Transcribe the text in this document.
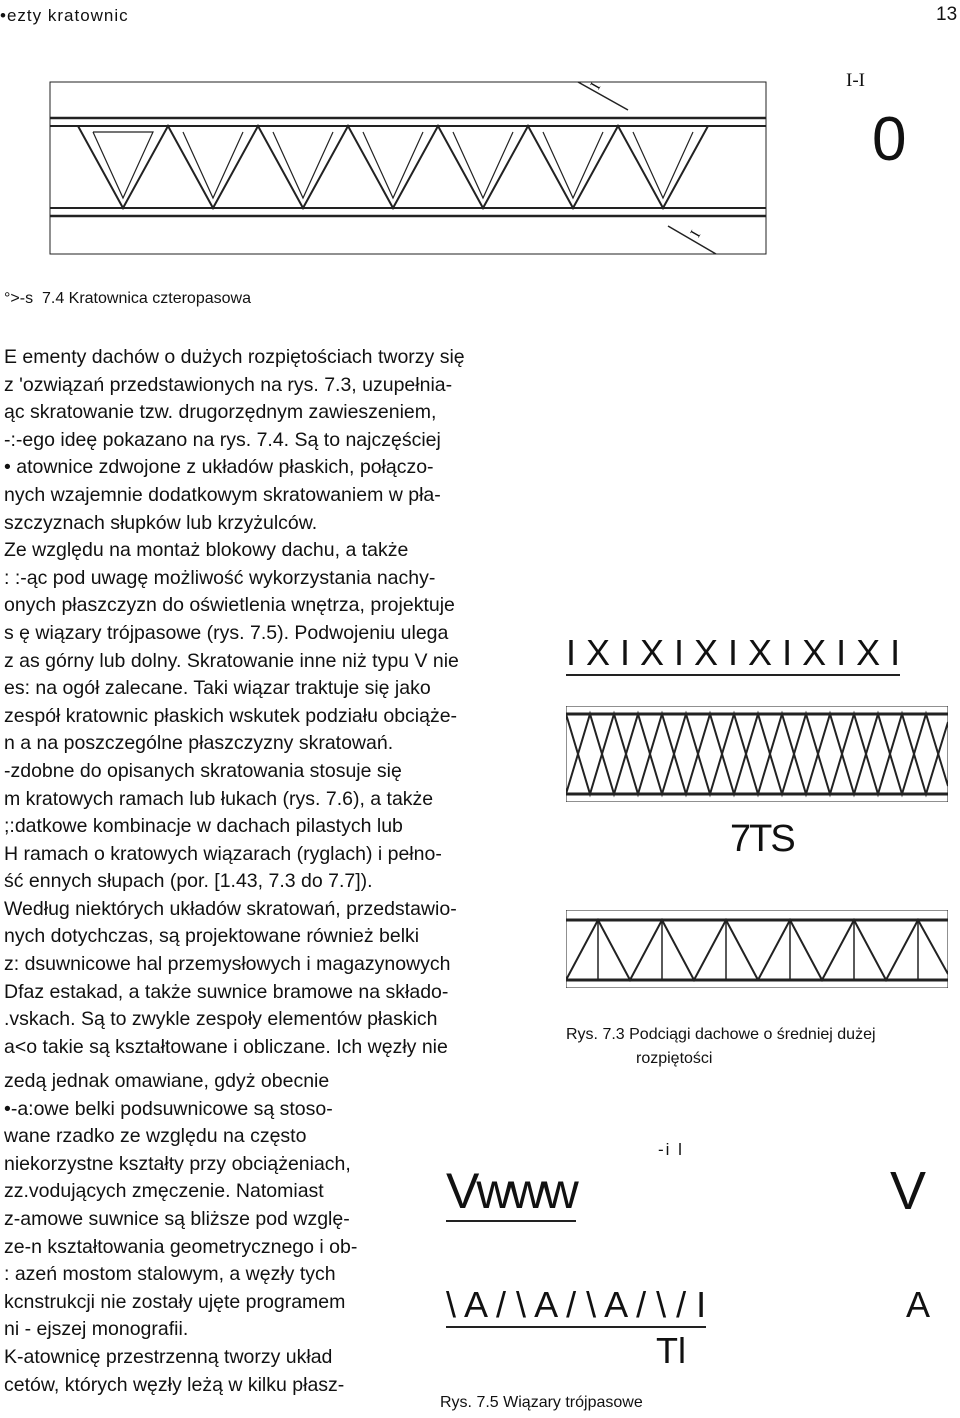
•ezty kratownic	13
I
I
I-I
0
°>-s 7.4 Kratownica czteropasowa
E ementy dachów o dużych rozpiętościach tworzy się
z 'ozwiązań przedstawionych na rys. 7.3, uzupełnia-
ąc skratowanie tzw. drugorzędnym zawieszeniem,
-:-ego ideę pokazano na rys. 7.4. Są to najczęściej
• atownice zdwojone z układów płaskich, połączo-
nych wzajemnie dodatkowym skratowaniem w pła-
szczyznach słupków lub krzyżulców.
Ze względu na montaż blokowy dachu, a także
: :-ąc pod uwagę możliwość wykorzystania nachy-
onych płaszczyzn do oświetlenia wnętrza, projektuje
s ę wiązary trójpasowe (rys. 7.5). Podwojeniu ulega
z as górny lub dolny. Skratowanie inne niż typu V nie
es: na ogół zalecane. Taki wiązar traktuje się jako
zespół kratownic płaskich wskutek podziału obciąże-
n a na poszczególne płaszczyzny skratowań.
-zdobne do opisanych skratowania stosuje się
m kratowych ramach lub łukach (rys. 7.6), a także
;:datkowe kombinacje w dachach pilastych lub
H ramach o kratowych wiązarach (ryglach) i pełno-
ść ennych słupach (por. [1.43, 7.3 do 7.7]).
Według niektórych układów skratowań, przedstawio-
nych dotychczas, są projektowane również belki
z: dsuwnicowe hal przemysłowych i magazynowych
Dfaz estakad, a także suwnice bramowe na składo-
.vskach. Są to zwykle zespoły elementów płaskich
a<o takie są kształtowane i obliczane. Ich węzły nie
zedą jednak omawiane, gdyż obecnie
•-a:owe belki podsuwnicowe są stoso-
wane rzadko ze względu na często
niekorzystne kształty przy obciążeniach,
zz.vodujących zmęczenie. Natomiast
z-amowe suwnice są bliższe pod wzglę-
ze-n kształtowania geometrycznego i ob-
: azeń mostom stalowym, a węzły tych
kcnstrukcji nie zostały ujęte programem
ni - ejszej monografii.
K-atownicę przestrzenną tworzy układ
cetów, których węzły leżą w kilku płasz-
I X I X I X I X I X I X I
7TS
Rys. 7.3 Podciągi dachowe o średniej dużej
rozpiętości
-i l
Vwww	V
\ A / \ A / \ A / \ / I	A
Tl
Rys. 7.5 Wiązary trójpasowe
